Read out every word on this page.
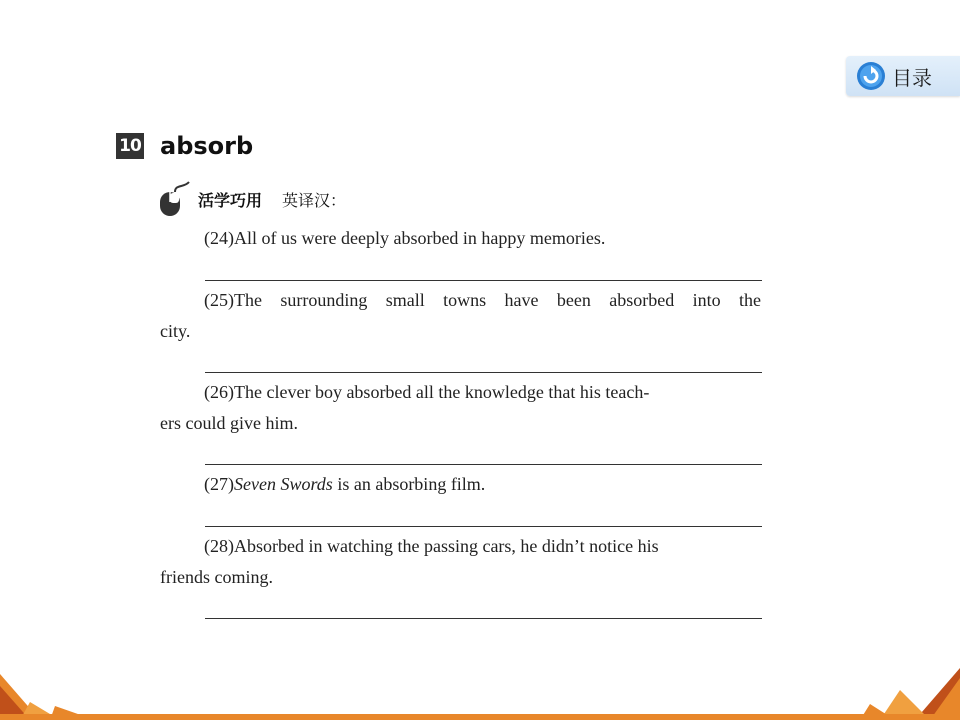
目录
10 absorb
活学巧用 英译汉：
(24)All of us were deeply absorbed in happy memories.
(25)The surrounding small towns have been absorbed into the
city.
(26)The clever boy absorbed all the knowledge that his teach-
ers could give him.
(27)Seven Swords is an absorbing film.
(28)Absorbed in watching the passing cars, he didn’t notice his
friends coming.
